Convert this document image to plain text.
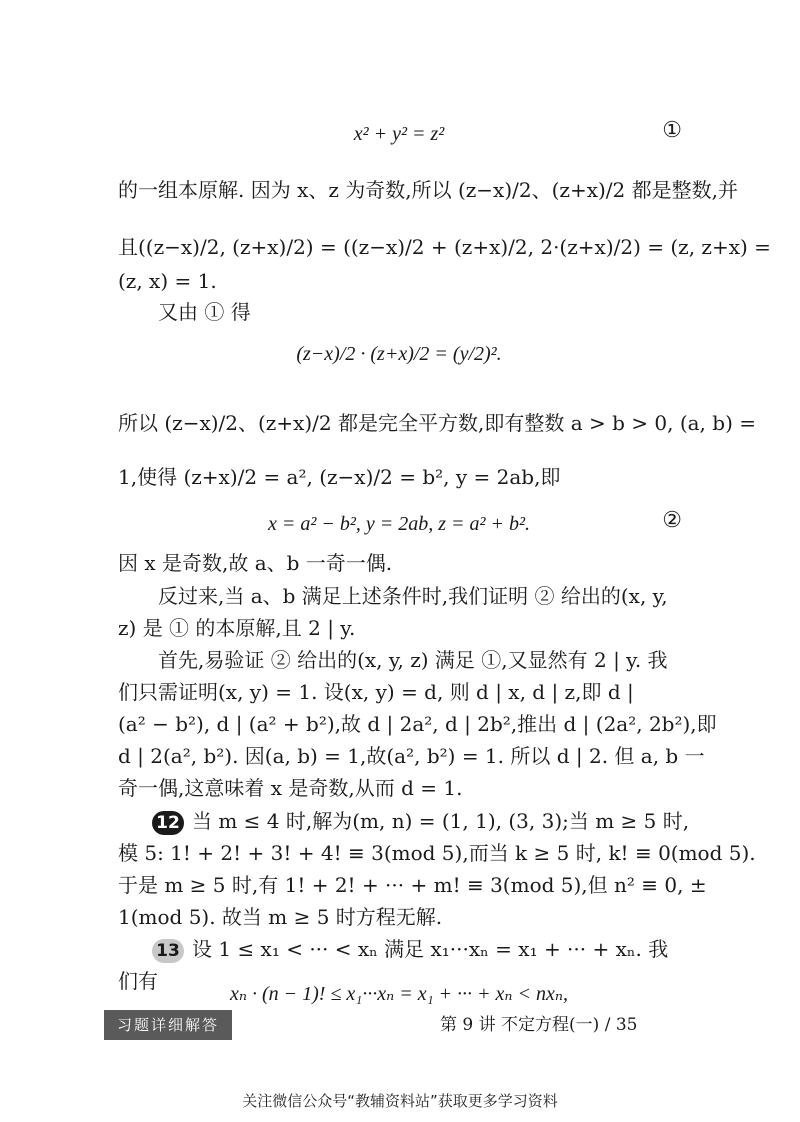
x² + y² = z²	①
的一组本原解. 因为 x、z 为奇数,所以 (z−x)/2、(z+x)/2 都是整数,并
且((z−x)/2, (z+x)/2) = ((z−x)/2 + (z+x)/2, 2·(z+x)/2) = (z, z+x) =
(z, x) = 1.
又由 ① 得
(z−x)/2 · (z+x)/2 = (y/2)².
所以 (z−x)/2、(z+x)/2 都是完全平方数,即有整数 a > b > 0, (a, b) =
1,使得 (z+x)/2 = a², (z−x)/2 = b², y = 2ab,即
x = a² − b², y = 2ab, z = a² + b².	②
因 x 是奇数,故 a、b 一奇一偶.
反过来,当 a、b 满足上述条件时,我们证明 ② 给出的(x, y,
z) 是 ① 的本原解,且 2 | y.
首先,易验证 ② 给出的(x, y, z) 满足 ①,又显然有 2 | y. 我
们只需证明(x, y) = 1. 设(x, y) = d, 则 d | x, d | z,即 d |
(a² − b²), d | (a² + b²),故 d | 2a², d | 2b²,推出 d | (2a², 2b²),即
d | 2(a², b²). 因(a, b) = 1,故(a², b²) = 1. 所以 d | 2. 但 a, b 一
奇一偶,这意味着 x 是奇数,从而 d = 1.
12 当 m ≤ 4 时,解为(m, n) = (1, 1), (3, 3);当 m ≥ 5 时,
模 5: 1! + 2! + 3! + 4! ≡ 3(mod 5),而当 k ≥ 5 时, k! ≡ 0(mod 5).
于是 m ≥ 5 时,有 1! + 2! + ··· + m! ≡ 3(mod 5),但 n² ≡ 0, ±
1(mod 5). 故当 m ≥ 5 时方程无解.
13 设 1 ≤ x₁ < ··· < xₙ 满足 x₁···xₙ = x₁ + ··· + xₙ. 我
们有
xₙ · (n − 1)! ≤ x₁···xₙ = x₁ + ··· + xₙ < nxₙ,
习题详细解答	第 9 讲 不定方程(一) / 35
关注微信公众号“教辅资料站”获取更多学习资料
